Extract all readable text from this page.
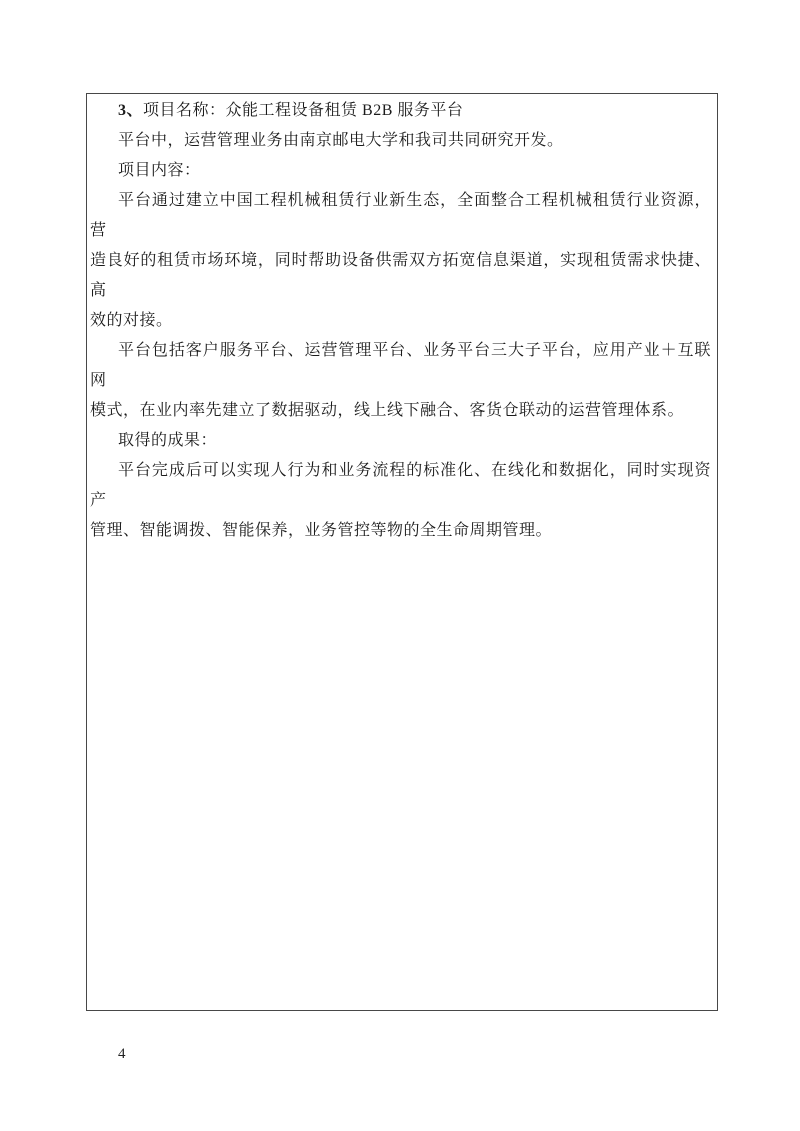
3、项目名称：众能工程设备租赁 B2B 服务平台
平台中，运营管理业务由南京邮电大学和我司共同研究开发。
项目内容：
平台通过建立中国工程机械租赁行业新生态，全面整合工程机械租赁行业资源，营
造良好的租赁市场环境，同时帮助设备供需双方拓宽信息渠道，实现租赁需求快捷、高
效的对接。
平台包括客户服务平台、运营管理平台、业务平台三大子平台，应用产业＋互联网
模式，在业内率先建立了数据驱动，线上线下融合、客货仓联动的运营管理体系。
取得的成果：
平台完成后可以实现人行为和业务流程的标准化、在线化和数据化，同时实现资产
管理、智能调拨、智能保养，业务管控等物的全生命周期管理。
4
